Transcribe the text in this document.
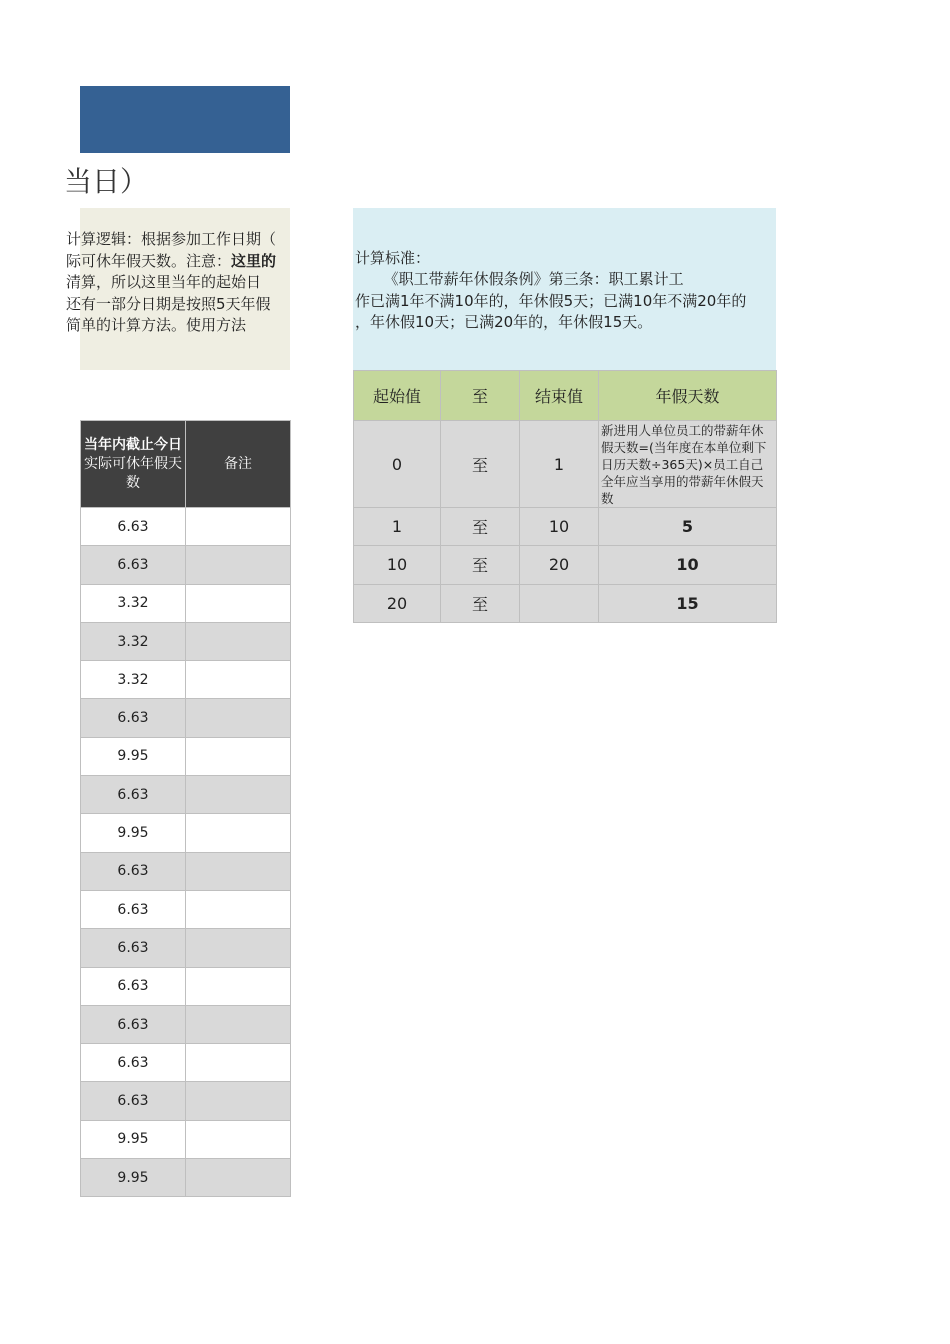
当日）
计算逻辑：根据参加工作日期（
际可休年假天数。注意：这里的
清算，所以这里当年的起始日
还有一部分日期是按照5天年假
简单的计算方法。使用方法
计算标准：
《职工带薪年休假条例》第三条：职工累计工
作已满1年不满10年的，年休假5天；已满10年不满20年的
，年休假10天；已满20年的，年休假15天。
当年内截止今日
实际可休年假天数	备注
6.63	
6.63	
3.32	
3.32	
3.32	
6.63	
9.95	
6.63	
9.95	
6.63	
6.63	
6.63	
6.63	
6.63	
6.63	
6.63	
9.95	
9.95	
起始值	至	结束值	年假天数
0	至	1	新进用人单位员工的带薪年休假天数=(当年度在本单位剩下日历天数÷365天)×员工自己全年应当享用的带薪年休假天数
1	至	10	5
10	至	20	10
20	至		15
